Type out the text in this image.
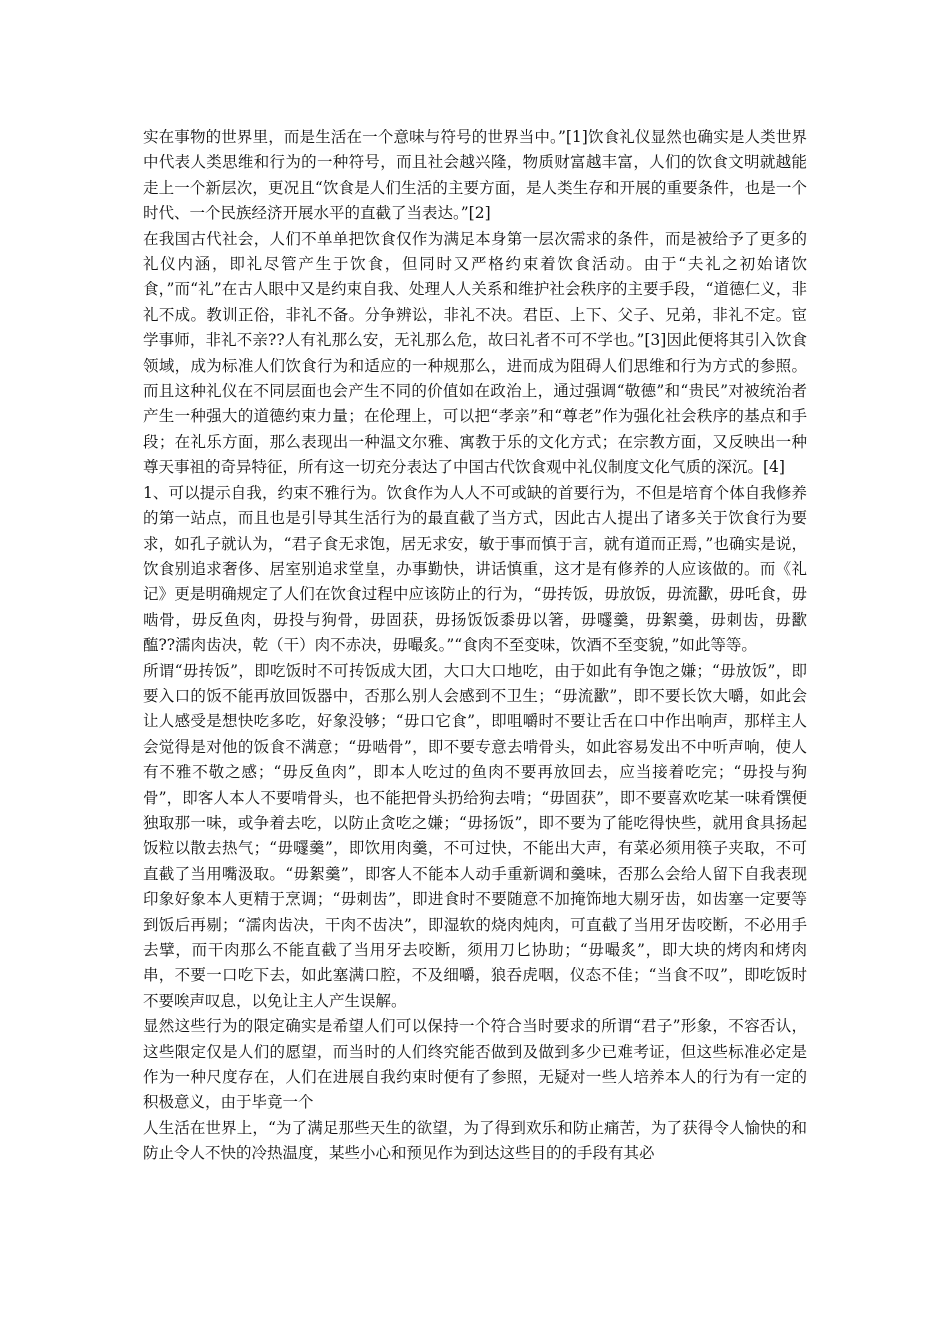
实在事物的世界里，而是生活在一个意味与符号的世界当中。”[1]饮食礼仪显然也确实是人类世界中代表人类思维和行为的一种符号，而且社会越兴隆，物质财富越丰富，人们的饮食文明就越能走上一个新层次，更况且“饮食是人们生活的主要方面，是人类生存和开展的重要条件，也是一个时代、一个民族经济开展水平的直截了当表达。”[2]

在我国古代社会，人们不单单把饮食仅作为满足本身第一层次需求的条件，而是被给予了更多的礼仪内涵，即礼尽管产生于饮食，但同时又严格约束着饮食活动。由于“夫礼之初始诸饮食，”而“礼”在古人眼中又是约束自我、处理人人关系和维护社会秩序的主要手段，“道德仁义，非礼不成。教训正俗，非礼不备。分争辨讼，非礼不决。君臣、上下、父子、兄弟，非礼不定。宦学事师，非礼不亲??人有礼那么安，无礼那么危，故曰礼者不可不学也。”[3]因此便将其引入饮食领域，成为标准人们饮食行为和适应的一种规那么，进而成为阻碍人们思维和行为方式的参照。而且这种礼仪在不同层面也会产生不同的价值如在政治上，通过强调“敬德”和“贵民”对被统治者产生一种强大的道德约束力量；在伦理上，可以把“孝亲”和“尊老”作为强化社会秩序的基点和手段；在礼乐方面，那么表现出一种温文尔雅、寓教于乐的文化方式；在宗教方面，又反映出一种尊天事祖的奇异特征，所有这一切充分表达了中国古代饮食观中礼仪制度文化气质的深沉。[4]

1、可以提示自我，约束不雅行为。饮食作为人人不可或缺的首要行为，不但是培育个体自我修养的第一站点，而且也是引导其生活行为的最直截了当方式，因此古人提出了诸多关于饮食行为要求，如孔子就认为，“君子食无求饱，居无求安，敏于事而慎于言，就有道而正焉，”也确实是说，饮食别追求奢侈、居室别追求堂皇，办事勤快，讲话慎重，这才是有修养的人应该做的。而《礼记》更是明确规定了人们在饮食过程中应该防止的行为，“毋抟饭，毋放饭，毋流歠，毋吒食，毋啮骨，毋反鱼肉，毋投与狗骨，毋固获，毋扬饭饭黍毋以箸，毋嚺羹，毋絮羹，毋刺齿，毋歠醢??濡肉齿决，乾（干）肉不赤决，毋嘬炙。”“食肉不至变味，饮酒不至变貌，”如此等等。

所谓“毋抟饭”，即吃饭时不可抟饭成大团，大口大口地吃，由于如此有争饱之嫌；“毋放饭”，即要入口的饭不能再放回饭器中，否那么别人会感到不卫生；“毋流歠”，即不要长饮大嚼，如此会让人感受是想快吃多吃，好象没够；“毋口它食”，即咀嚼时不要让舌在口中作出响声，那样主人会觉得是对他的饭食不满意；“毋啮骨”，即不要专意去啃骨头，如此容易发出不中听声响，使人有不雅不敬之感；“毋反鱼肉”，即本人吃过的鱼肉不要再放回去，应当接着吃完；“毋投与狗骨”，即客人本人不要啃骨头，也不能把骨头扔给狗去啃；“毋固获”，即不要喜欢吃某一味肴馔便独取那一味，或争着去吃，以防止贪吃之嫌；“毋扬饭”，即不要为了能吃得快些，就用食具扬起饭粒以散去热气；“毋嚺羹”，即饮用肉羹，不可过快，不能出大声，有菜必须用筷子夹取，不可直截了当用嘴汲取。“毋絮羹”，即客人不能本人动手重新调和羹味，否那么会给人留下自我表现印象好象本人更精于烹调；“毋刺齿”，即进食时不要随意不加掩饰地大剔牙齿，如齿塞一定要等到饭后再剔；“濡肉齿决，干肉不齿决”，即湿软的烧肉炖肉，可直截了当用牙齿咬断，不必用手去擘，而干肉那么不能直截了当用牙去咬断，须用刀匕协助；“毋嘬炙”，即大块的烤肉和烤肉串，不要一口吃下去，如此塞满口腔，不及细嚼，狼吞虎咽，仪态不佳；“当食不叹”，即吃饭时不要唉声叹息，以免让主人产生误解。

显然这些行为的限定确实是希望人们可以保持一个符合当时要求的所谓“君子”形象，不容否认，这些限定仅是人们的愿望，而当时的人们终究能否做到及做到多少已难考证，但这些标准必定是作为一种尺度存在，人们在进展自我约束时便有了参照，无疑对一些人培养本人的行为有一定的积极意义，由于毕竟一个

人生活在世界上，“为了满足那些天生的欲望，为了得到欢乐和防止痛苦，为了获得令人愉快的和防止令人不快的冷热温度，某些小心和预见作为到达这些目的的手段有其必
